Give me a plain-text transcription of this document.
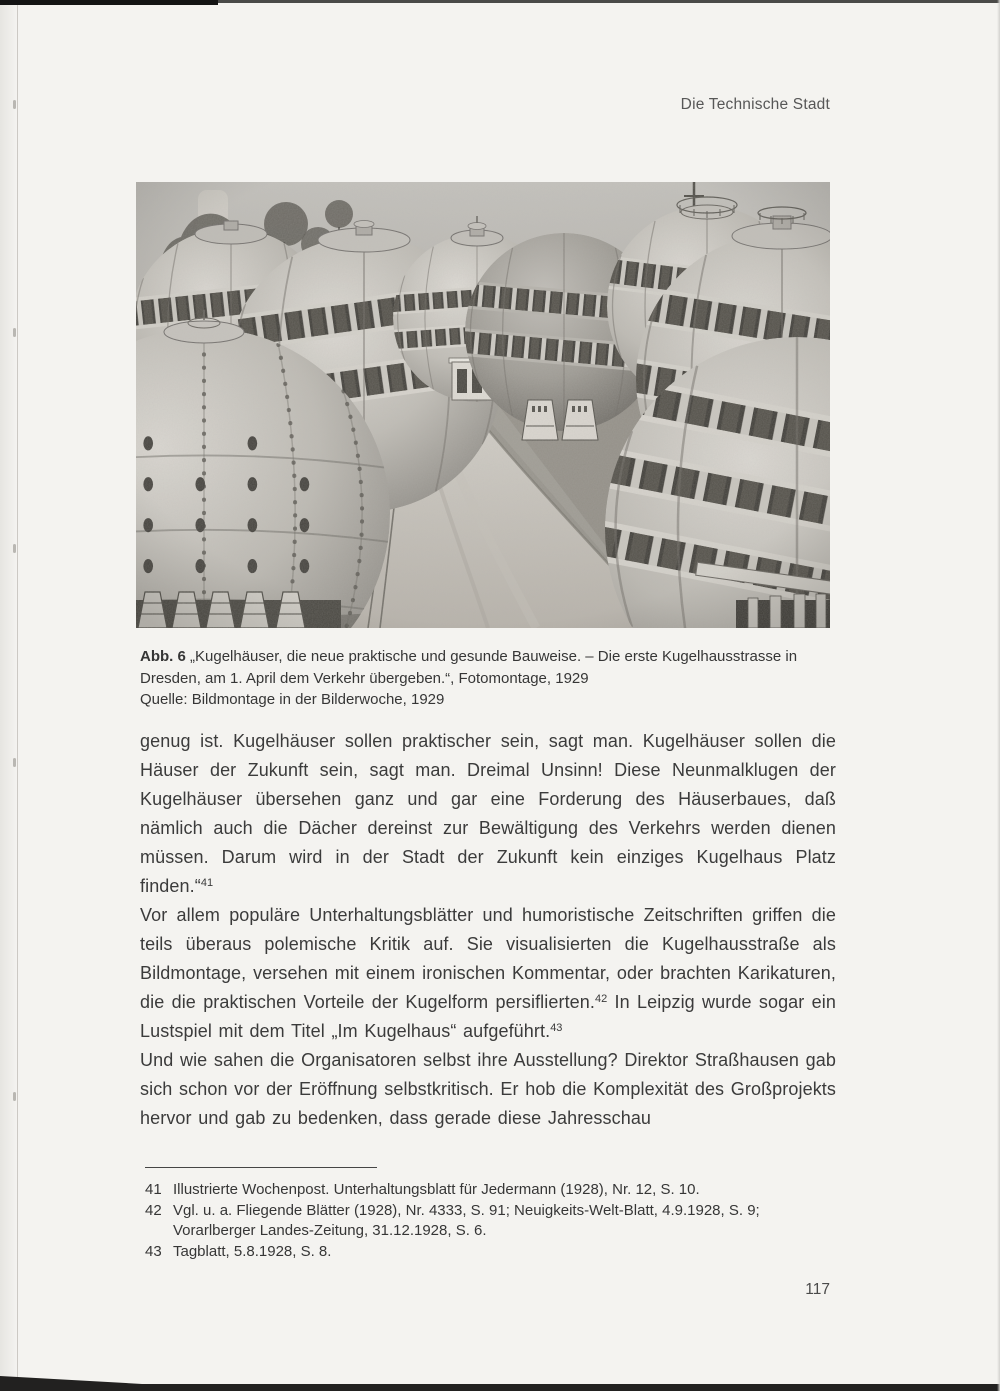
Die Technische Stadt

Abb. 6 „Kugelhäuser, die neue praktische und gesunde Bauweise. – Die erste Kugelhausstrasse in Dresden, am 1. April dem Verkehr übergeben.“, Fotomontage, 1929

Quelle: Bildmontage in der Bilderwoche, 1929

genug ist. Kugelhäuser sollen praktischer sein, sagt man. Kugelhäuser sollen die Häuser der Zukunft sein, sagt man. Dreimal Unsinn! Diese Neunmalklugen der Kugelhäuser übersehen ganz und gar eine Forderung des Häuserbaues, daß nämlich auch die Dächer dereinst zur Bewältigung des Verkehrs werden dienen müssen. Darum wird in der Stadt der Zukunft kein einziges Kugelhaus Platz finden.“$^{41}$

Vor allem populäre Unterhaltungsblätter und humoristische Zeitschriften griffen die teils überaus polemische Kritik auf. Sie visualisierten die Kugelhausstraße als Bildmontage, versehen mit einem ironischen Kommentar, oder brachten Karikaturen, die die praktischen Vorteile der Kugelform persiflierten.$^{42}$ In Leipzig wurde sogar ein Lustspiel mit dem Titel „Im Kugelhaus“ aufgeführt.$^{43}$

Und wie sahen die Organisatoren selbst ihre Ausstellung? Direktor Straßhausen gab sich schon vor der Eröffnung selbstkritisch. Er hob die Komplexität des Großprojekts hervor und gab zu bedenken, dass gerade diese Jahresschau

41 Illustrierte Wochenpost. Unterhaltungsblatt für Jedermann (1928), Nr. 12, S. 10.

42 Vgl. u. a. Fliegende Blätter (1928), Nr. 4333, S. 91; Neuigkeits-Welt-Blatt, 4.9.1928, S. 9; Vorarlberger Landes-Zeitung, 31.12.1928, S. 6.

43 Tagblatt, 5.8.1928, S. 8.

117
